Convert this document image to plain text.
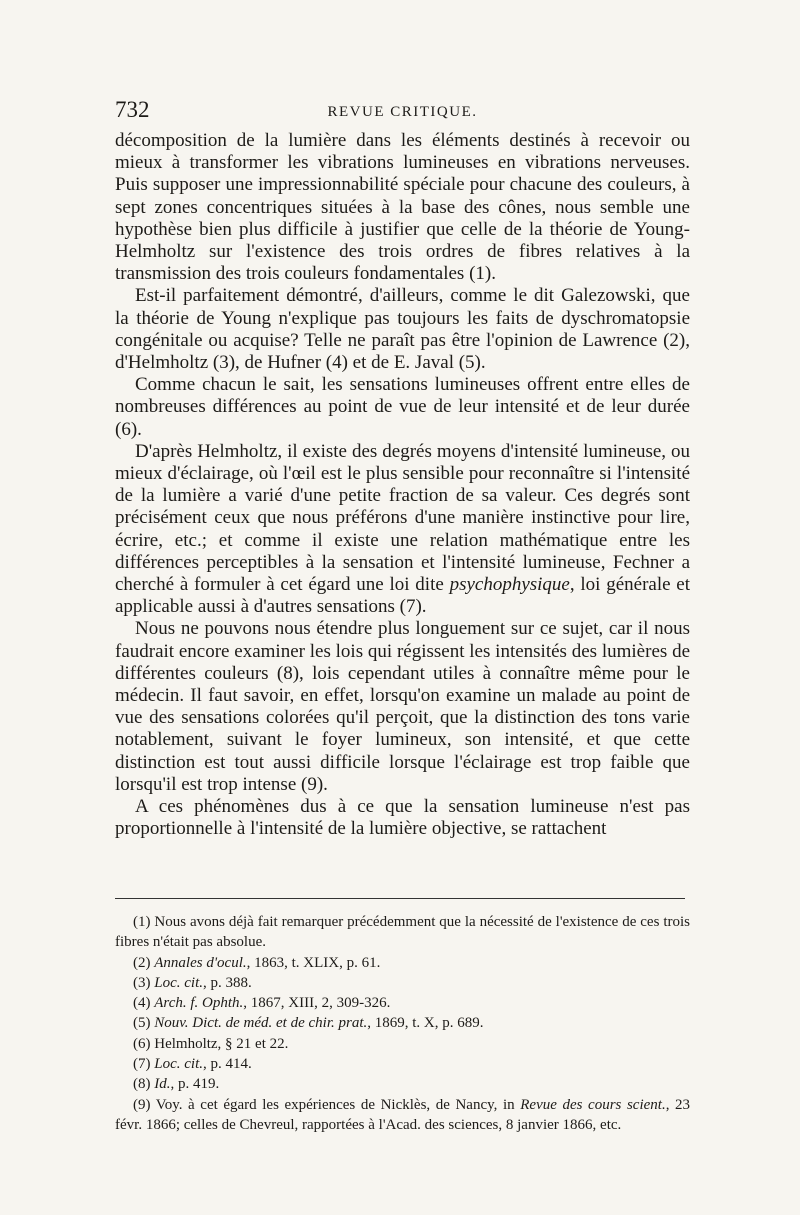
732	REVUE CRITIQUE.

décomposition de la lumière dans les éléments destinés à recevoir ou mieux à transformer les vibrations lumineuses en vibrations nerveuses. Puis supposer une impressionnabilité spéciale pour chacune des couleurs, à sept zones concentriques situées à la base des cônes, nous semble une hypothèse bien plus difficile à justifier que celle de la théorie de Young-Helmholtz sur l'existence des trois ordres de fibres relatives à la transmission des trois couleurs fondamentales (1).

Est-il parfaitement démontré, d'ailleurs, comme le dit Galezowski, que la théorie de Young n'explique pas toujours les faits de dyschromatopsie congénitale ou acquise? Telle ne paraît pas être l'opinion de Lawrence (2), d'Helmholtz (3), de Hufner (4) et de E. Javal (5).

Comme chacun le sait, les sensations lumineuses offrent entre elles de nombreuses différences au point de vue de leur intensité et de leur durée (6).

D'après Helmholtz, il existe des degrés moyens d'intensité lumineuse, ou mieux d'éclairage, où l'œil est le plus sensible pour reconnaître si l'intensité de la lumière a varié d'une petite fraction de sa valeur. Ces degrés sont précisément ceux que nous préférons d'une manière instinctive pour lire, écrire, etc.; et comme il existe une relation mathématique entre les différences perceptibles à la sensation et l'intensité lumineuse, Fechner a cherché à formuler à cet égard une loi dite psychophysique, loi générale et applicable aussi à d'autres sensations (7).

Nous ne pouvons nous étendre plus longuement sur ce sujet, car il nous faudrait encore examiner les lois qui régissent les intensités des lumières de différentes couleurs (8), lois cependant utiles à connaître même pour le médecin. Il faut savoir, en effet, lorsqu'on examine un malade au point de vue des sensations colorées qu'il perçoit, que la distinction des tons varie notablement, suivant le foyer lumineux, son intensité, et que cette distinction est tout aussi difficile lorsque l'éclairage est trop faible que lorsqu'il est trop intense (9).

A ces phénomènes dus à ce que la sensation lumineuse n'est pas proportionnelle à l'intensité de la lumière objective, se rattachent

(1) Nous avons déjà fait remarquer précédemment que la nécessité de l'existence de ces trois fibres n'était pas absolue.

(2) Annales d'ocul., 1863, t. XLIX, p. 61.

(3) Loc. cit., p. 388.

(4) Arch. f. Ophth., 1867, XIII, 2, 309-326.

(5) Nouv. Dict. de méd. et de chir. prat., 1869, t. X, p. 689.

(6) Helmholtz, § 21 et 22.

(7) Loc. cit., p. 414.

(8) Id., p. 419.

(9) Voy. à cet égard les expériences de Nicklès, de Nancy, in Revue des cours scient., 23 févr. 1866; celles de Chevreul, rapportées à l'Acad. des sciences, 8 janvier 1866, etc.
